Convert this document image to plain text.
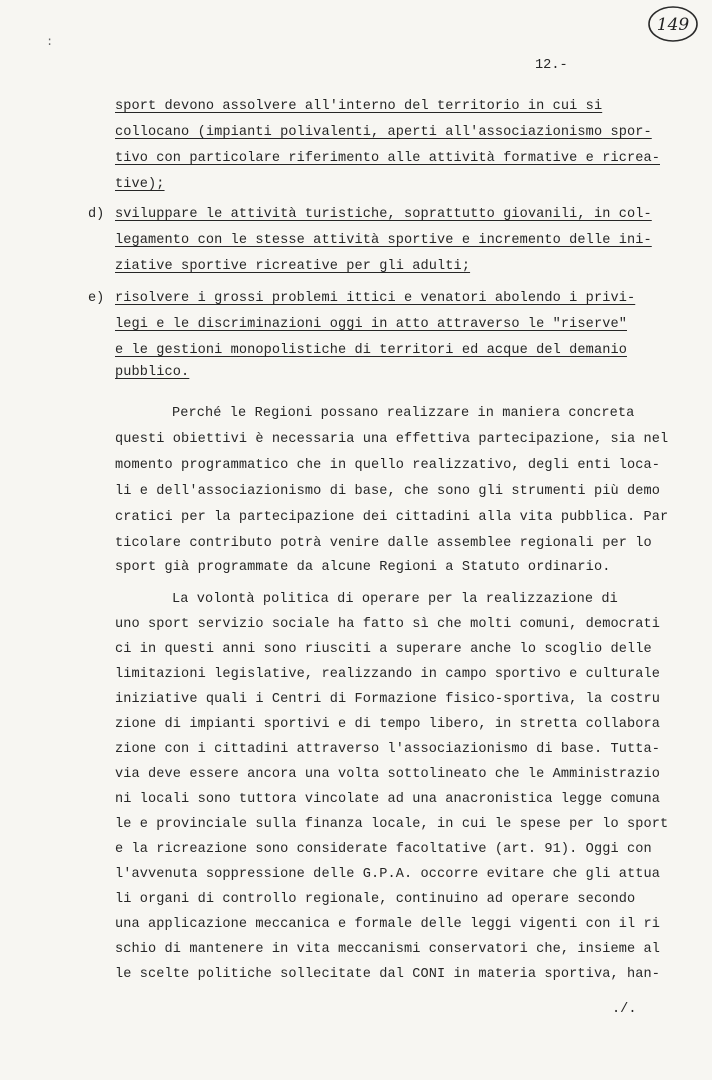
:
149
12.-
sport devono assolvere all'interno del territorio in cui si
collocano (impianti polivalenti, aperti all'associazionismo spor-
tivo con particolare riferimento alle attività formative e ricrea-
tive);
d) sviluppare le attività turistiche, soprattutto giovanili, in col-
legamento con le stesse attività sportive e incremento delle ini-
ziative sportive ricreative per gli adulti;
e) risolvere i grossi problemi ittici e venatori abolendo i privi-
legi e le discriminazioni oggi in atto attraverso le "riserve"
e le gestioni monopolistiche di territori ed acque del demanio
pubblico.
Perché le Regioni possano realizzare in maniera concreta
questi obiettivi è necessaria una effettiva partecipazione, sia nel
momento programmatico che in quello realizzativo, degli enti loca-
li e dell'associazionismo di base, che sono gli strumenti più demo
cratici per la partecipazione dei cittadini alla vita pubblica. Par
ticolare contributo potrà venire dalle assemblee regionali per lo
sport già programmate da alcune Regioni a Statuto ordinario.
La volontà politica di operare per la realizzazione di
uno sport servizio sociale ha fatto sì che molti comuni, democrati
ci in questi anni sono riusciti a superare anche lo scoglio delle
limitazioni legislative, realizzando in campo sportivo e culturale
iniziative quali i Centri di Formazione fisico-sportiva, la costru
zione di impianti sportivi e di tempo libero, in stretta collabora
zione con i cittadini attraverso l'associazionismo di base. Tutta-
via deve essere ancora una volta sottolineato che le Amministrazio
ni locali sono tuttora vincolate ad una anacronistica legge comuna
le e provinciale sulla finanza locale, in cui le spese per lo sport
e la ricreazione sono considerate facoltative (art. 91). Oggi con
l'avvenuta soppressione delle G.P.A. occorre evitare che gli attua
li organi di controllo regionale, continuino ad operare secondo
una applicazione meccanica e formale delle leggi vigenti con il ri
schio di mantenere in vita meccanismi conservatori che, insieme al
le scelte politiche sollecitate dal CONI in materia sportiva, han-
./.
